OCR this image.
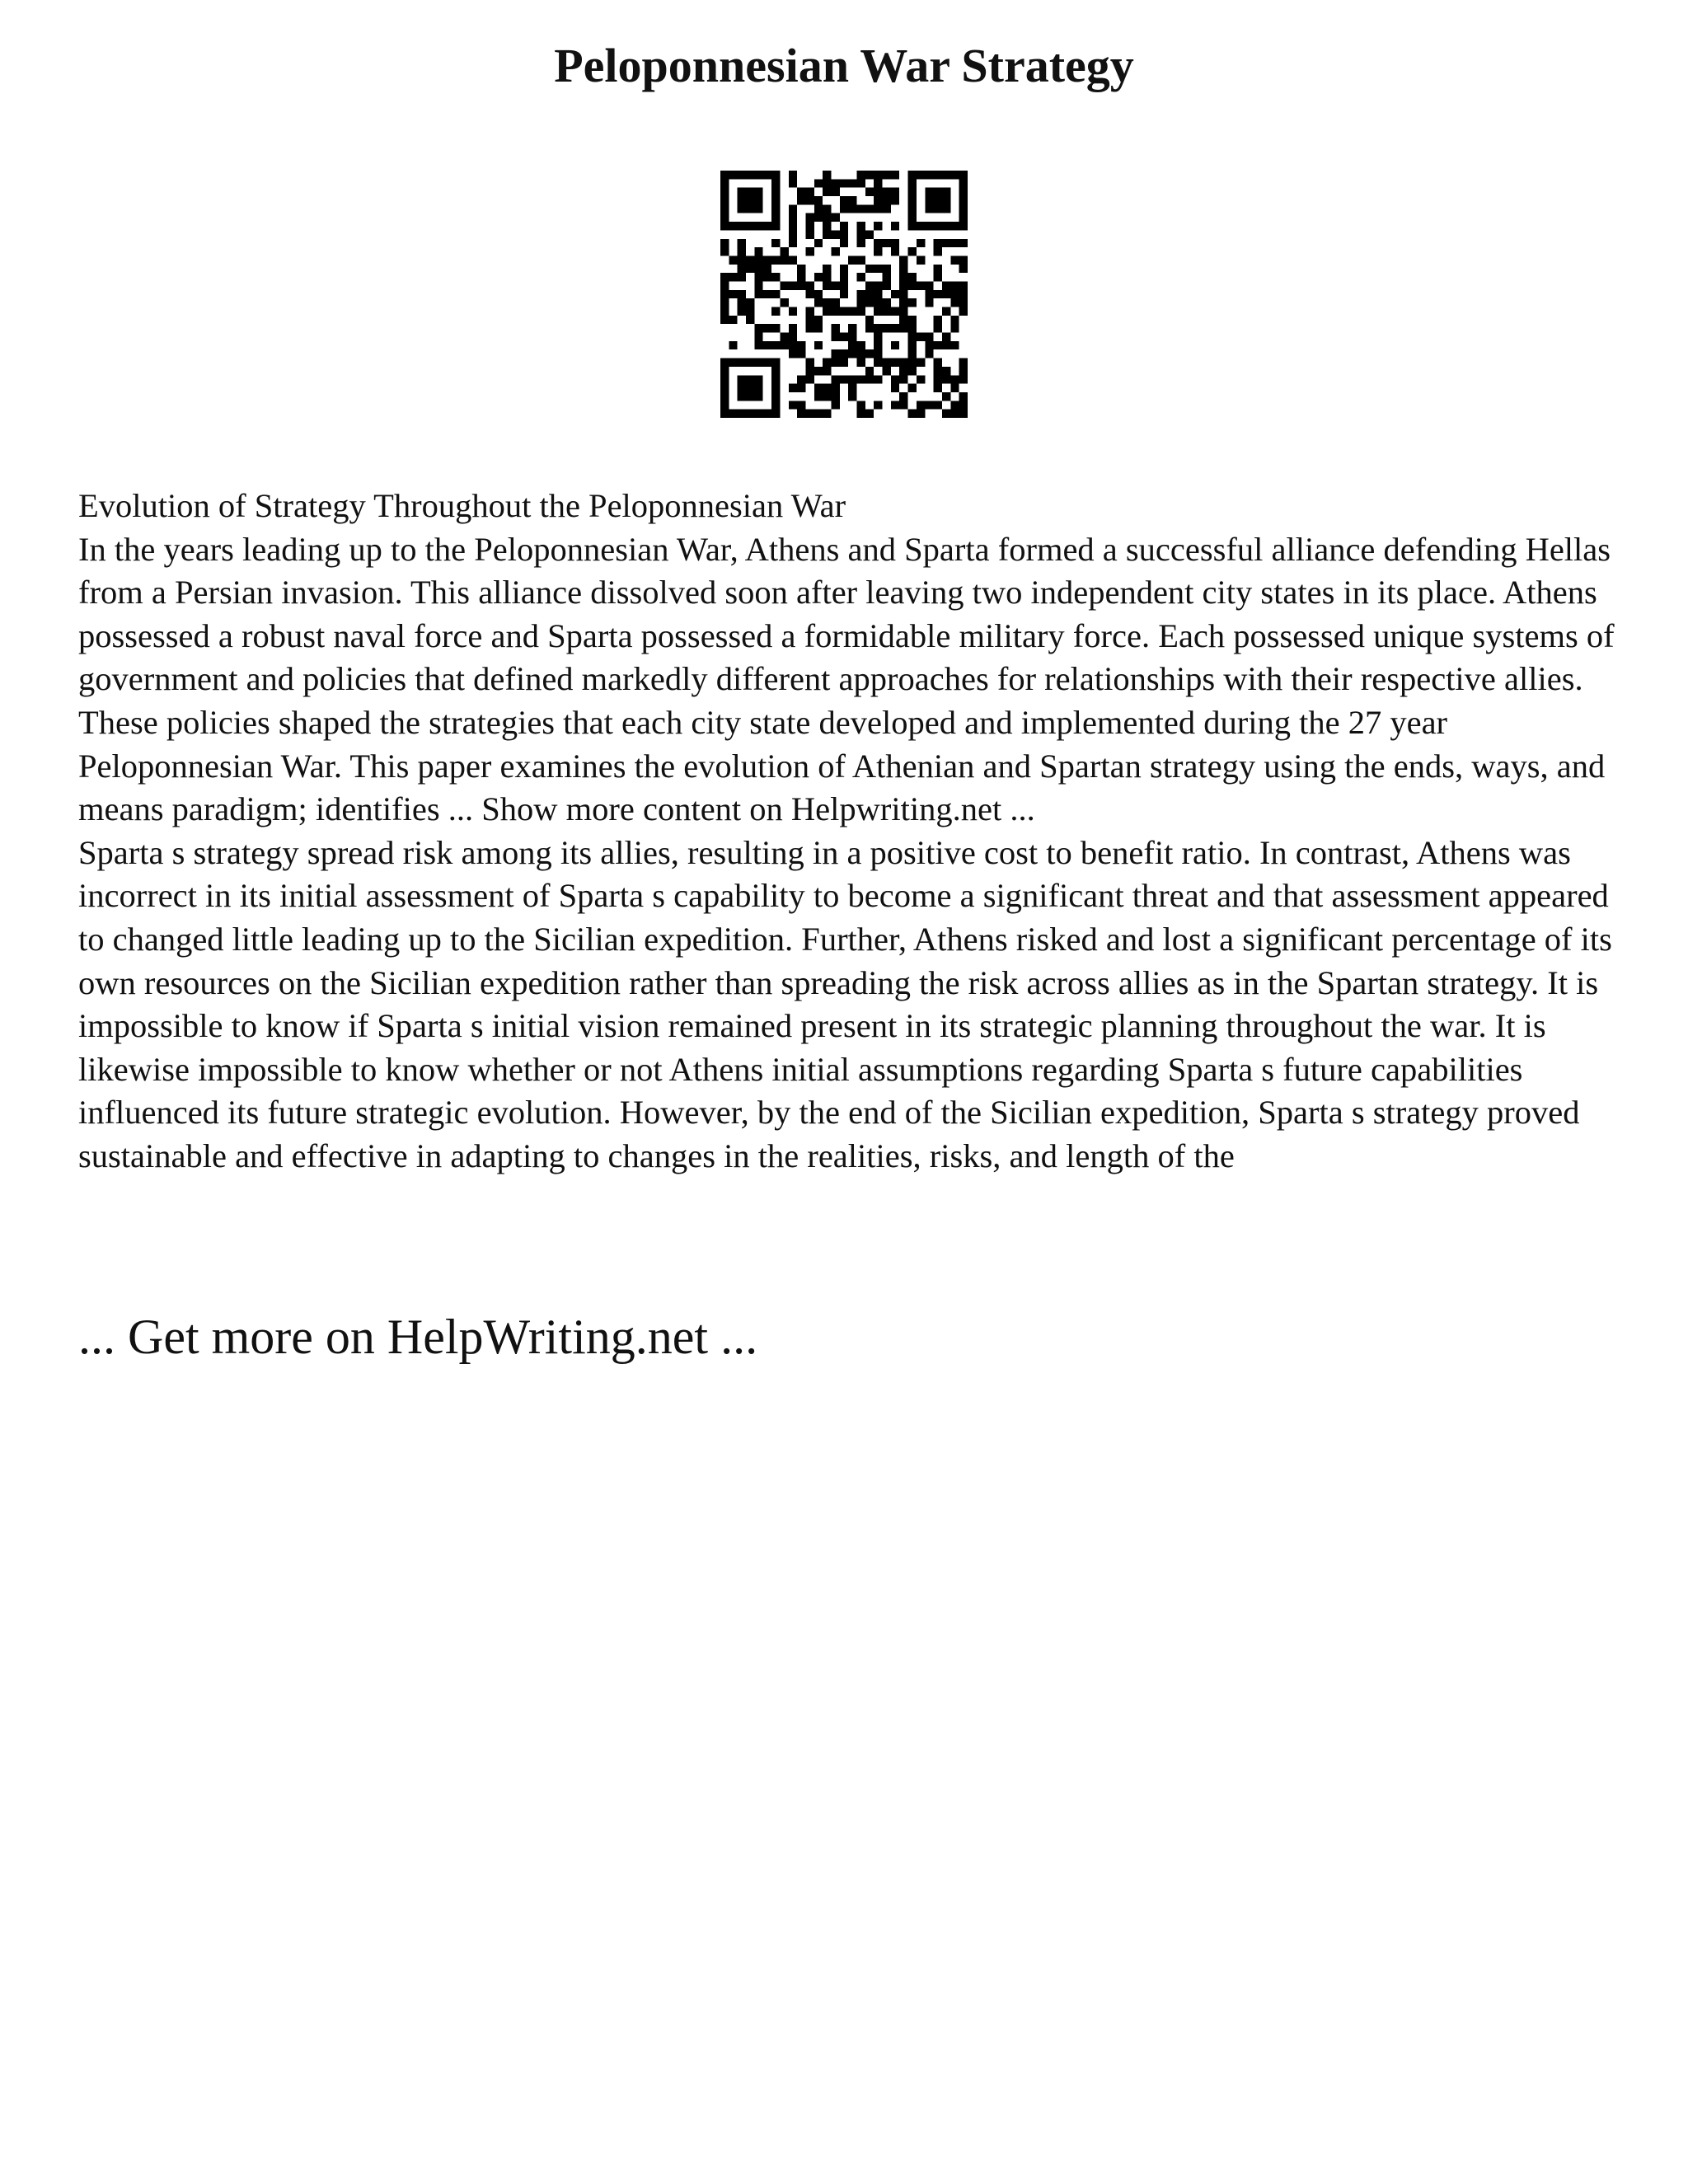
Peloponnesian War Strategy

Evolution of Strategy Throughout the Peloponnesian War

In the years leading up to the Peloponnesian War, Athens and Sparta formed a successful alliance defending Hellas from a Persian invasion. This alliance dissolved soon after leaving two independent city states in its place. Athens possessed a robust naval force and Sparta possessed a formidable military force. Each possessed unique systems of government and policies that defined markedly different approaches for relationships with their respective allies. These policies shaped the strategies that each city state developed and implemented during the 27 year Peloponnesian War. This paper examines the evolution of Athenian and Spartan strategy using the ends, ways, and means paradigm; identifies ... Show more content on Helpwriting.net ...

Sparta s strategy spread risk among its allies, resulting in a positive cost to benefit ratio. In contrast, Athens was incorrect in its initial assessment of Sparta s capability to become a significant threat and that assessment appeared to changed little leading up to the Sicilian expedition. Further, Athens risked and lost a significant percentage of its own resources on the Sicilian expedition rather than spreading the risk across allies as in the Spartan strategy. It is impossible to know if Sparta s initial vision remained present in its strategic planning throughout the war. It is likewise impossible to know whether or not Athens initial assumptions regarding Sparta s future capabilities influenced its future strategic evolution. However, by the end of the Sicilian expedition, Sparta s strategy proved sustainable and effective in adapting to changes in the realities, risks, and length of the

... Get more on HelpWriting.net ...
